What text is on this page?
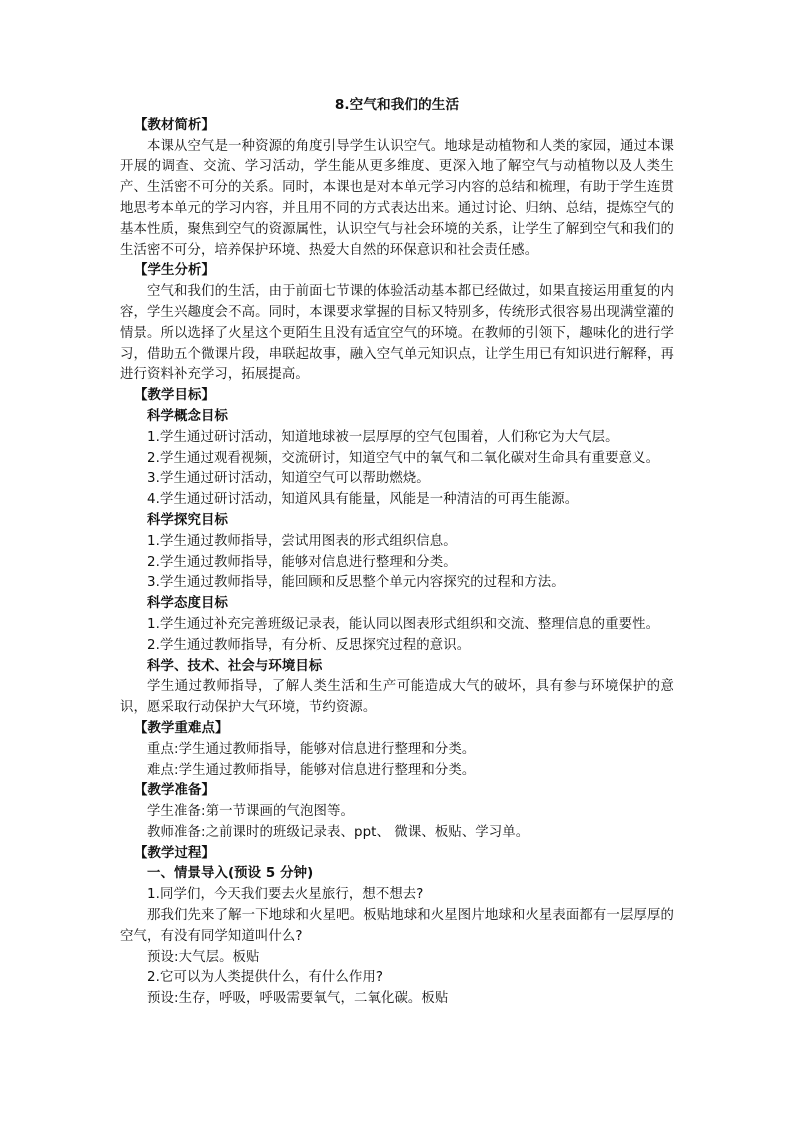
8.空气和我们的生活
【教材简析】
本课从空气是一种资源的角度引导学生认识空气。地球是动植物和人类的家园，通过本课开展的调查、交流、学习活动，学生能从更多维度、更深入地了解空气与动植物以及人类生产、生活密不可分的关系。同时，本课也是对本单元学习内容的总结和梳理，有助于学生连贯地思考本单元的学习内容，并且用不同的方式表达出来。通过讨论、归纳、总结，提炼空气的基本性质，聚焦到空气的资源属性，认识空气与社会环境的关系，让学生了解到空气和我们的生活密不可分，培养保护环境、热爱大自然的环保意识和社会责任感。
【学生分析】
空气和我们的生活，由于前面七节课的体验活动基本都已经做过，如果直接运用重复的内容，学生兴趣度会不高。同时，本课要求掌握的目标又特别多，传统形式很容易出现满堂灌的情景。所以选择了火星这个更陌生且没有适宜空气的环境。在教师的引领下，趣味化的进行学习，借助五个微课片段，串联起故事，融入空气单元知识点，让学生用已有知识进行解释，再进行资料补充学习，拓展提高。
【教学目标】
科学概念目标
1.学生通过研讨活动，知道地球被一层厚厚的空气包围着，人们称它为大气层。
2.学生通过观看视频，交流研讨，知道空气中的氧气和二氧化碳对生命具有重要意义。
3.学生通过研讨活动，知道空气可以帮助燃烧。
4.学生通过研讨活动，知道风具有能量，风能是一种清洁的可再生能源。
科学探究目标
1.学生通过教师指导，尝试用图表的形式组织信息。
2.学生通过教师指导，能够对信息进行整理和分类。
3.学生通过教师指导，能回顾和反思整个单元内容探究的过程和方法。
科学态度目标
1.学生通过补充完善班级记录表，能认同以图表形式组织和交流、整理信息的重要性。
2.学生通过教师指导，有分析、反思探究过程的意识。
科学、技术、社会与环境目标
学生通过教师指导，了解人类生活和生产可能造成大气的破坏，具有参与环境保护的意识，愿采取行动保护大气环境，节约资源。
【教学重难点】
重点:学生通过教师指导，能够对信息进行整理和分类。
难点:学生通过教师指导，能够对信息进行整理和分类。
【教学准备】
学生准备:第一节课画的气泡图等。
教师准备:之前课时的班级记录表、ppt、 微课、板贴、学习单。
【教学过程】
一、情景导入(预设 5 分钟)
1.同学们，今天我们要去火星旅行，想不想去?
那我们先来了解一下地球和火星吧。板贴地球和火星图片地球和火星表面都有一层厚厚的空气，有没有同学知道叫什么?
预设:大气层。板贴
2.它可以为人类提供什么，有什么作用?
预设:生存，呼吸，呼吸需要氧气，二氧化碳。板贴
